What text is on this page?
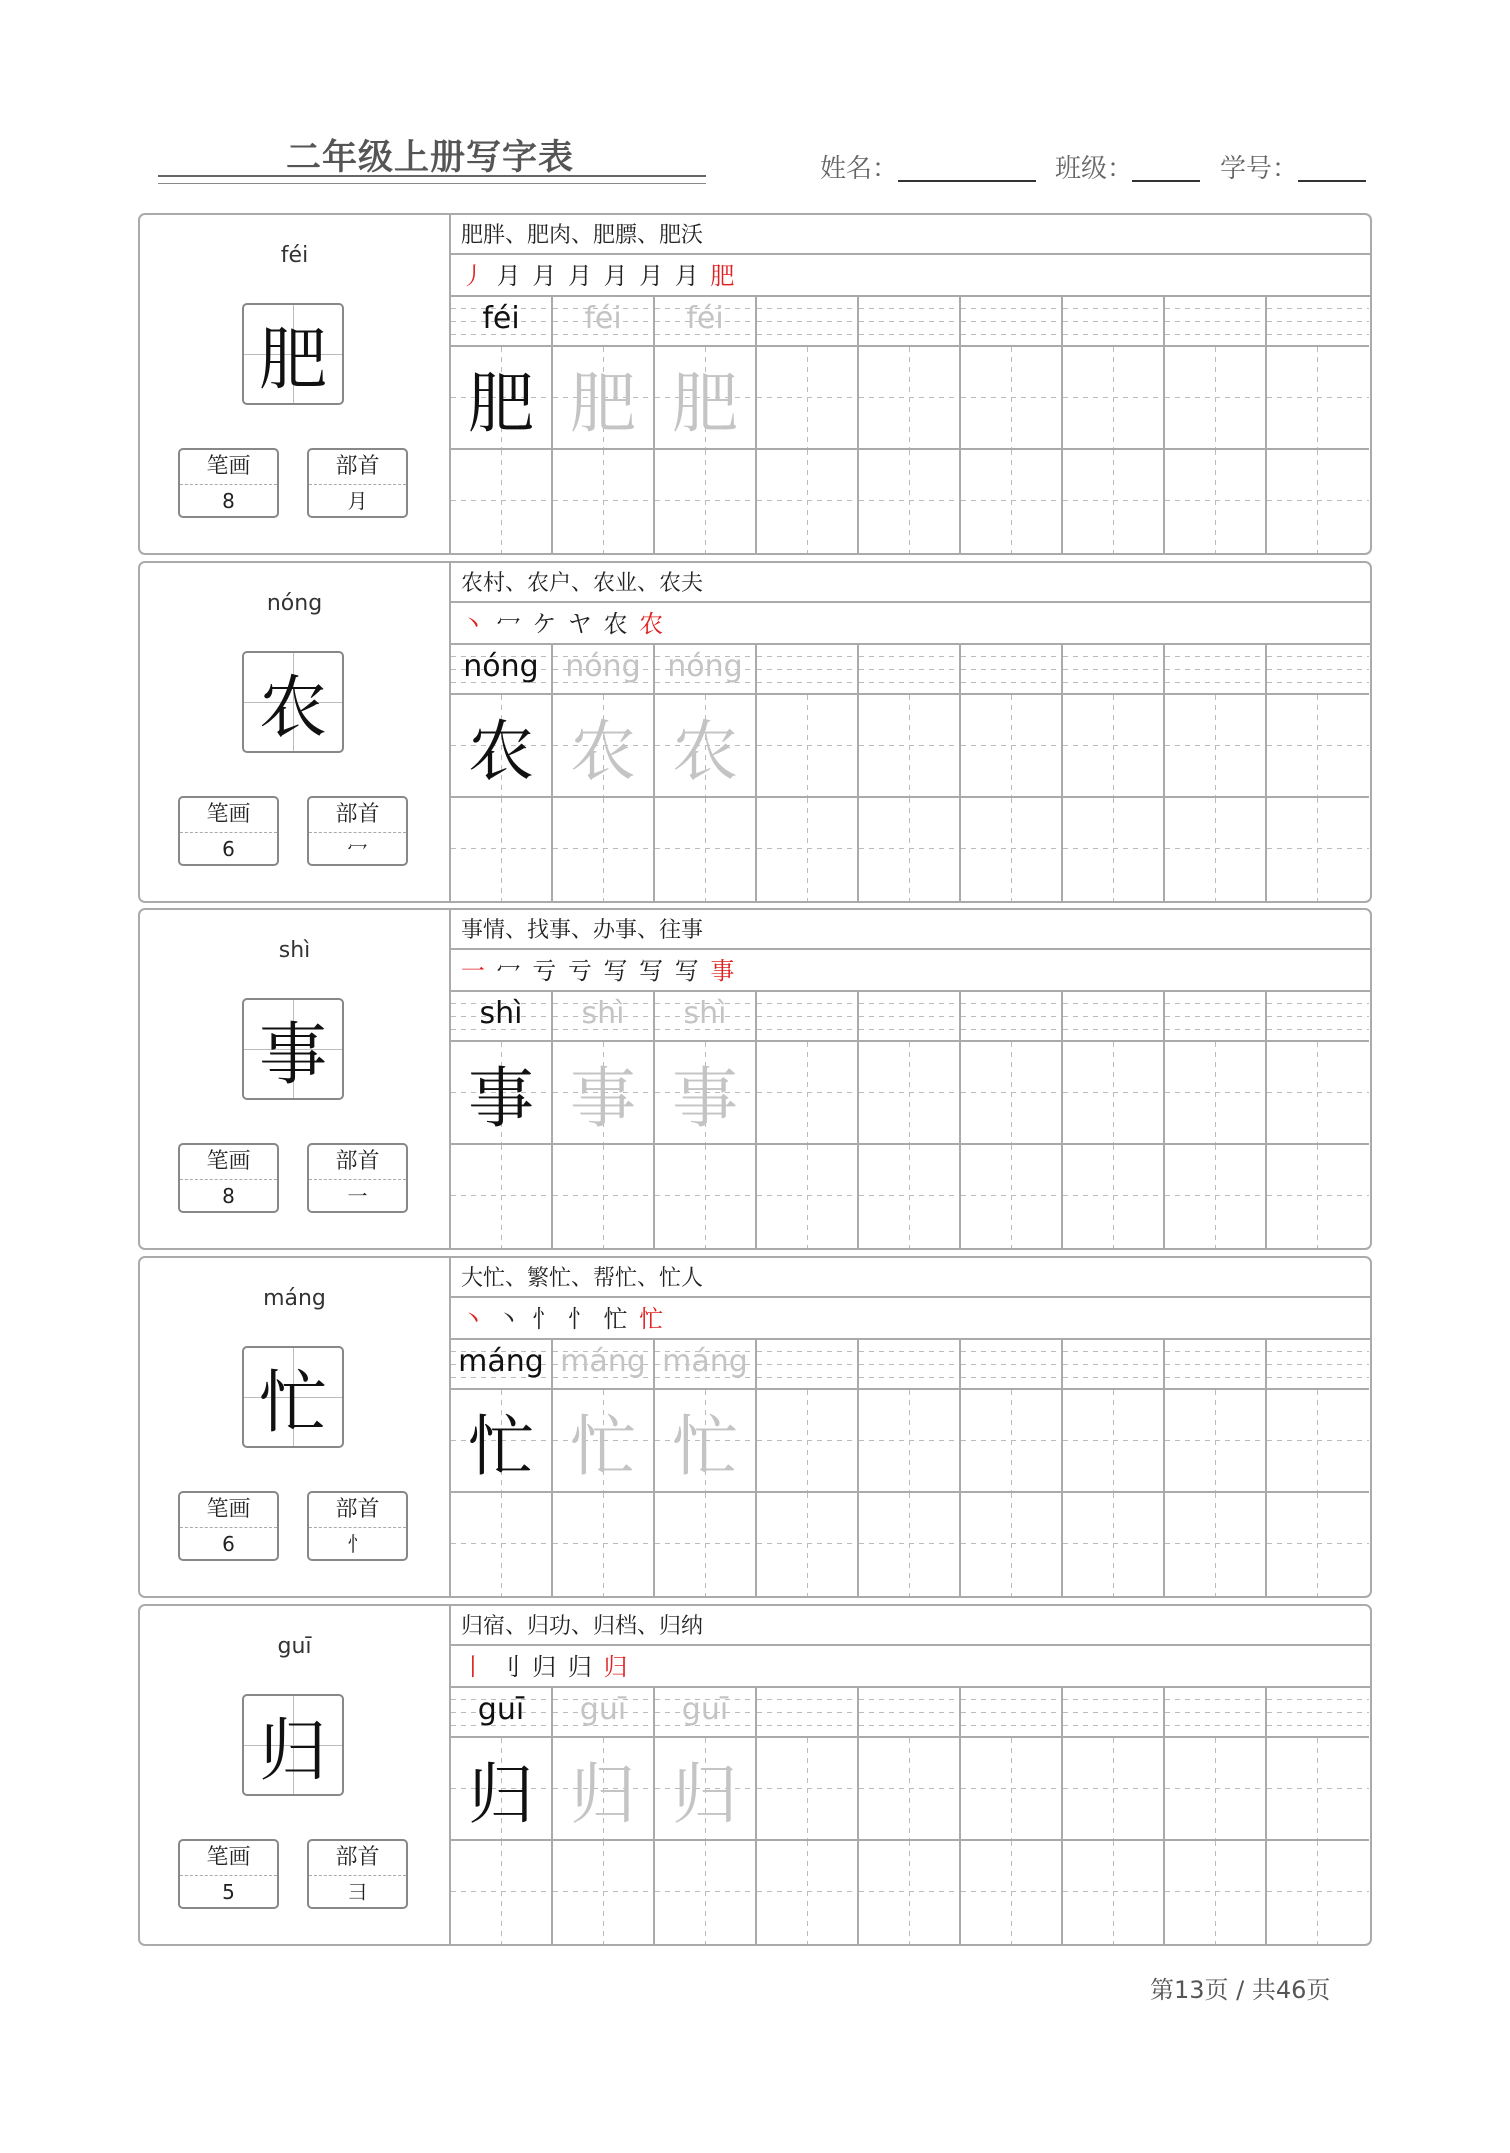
二年级上册写字表	姓名：	班级：	学号：
féi
肥
笔画
8
部首
月
肥胖、肥肉、肥膘、肥沃
丿 月 月 月 月 月 月 肥
féi
肥
féi
肥
féi
肥
nóng
农
笔画
6
部首
冖
农村、农户、农业、农夫
丶 冖 ケ ヤ 农 农
nóng
农
nóng
农
nóng
农
shì
事
笔画
8
部首
一
事情、找事、办事、往事
一 冖 亏 亏 写 写 写 事
shì
事
shì
事
shì
事
máng
忙
笔画
6
部首
忄
大忙、繁忙、帮忙、忙人
丶 丶 忄 忄 忙 忙
máng
忙
máng
忙
máng
忙
guī
归
笔画
5
部首
彐
归宿、归功、归档、归纳
丨 刂 归 归 归
guī
归
guī
归
guī
归
第13页 / 共46页
